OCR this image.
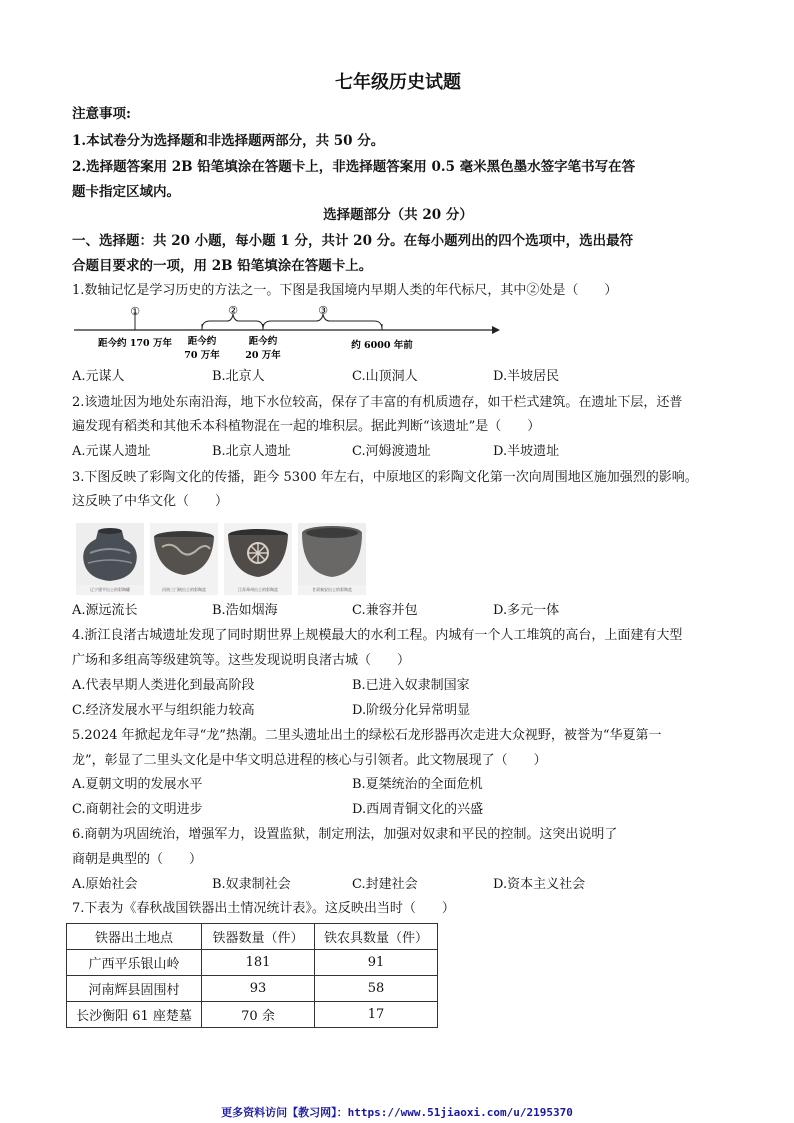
七年级历史试题
注意事项:
1.本试卷分为选择题和非选择题两部分，共 50 分。
2.选择题答案用 2B 铅笔填涂在答题卡上，非选择题答案用 0.5 毫米黑色墨水签字笔书写在答
题卡指定区域内。
选择题部分（共 20 分）
一、选择题：共 20 小题，每小题 1 分，共计 20 分。在每小题列出的四个选项中，选出最符
合题目要求的一项，用 2B 铅笔填涂在答题卡上。
1.数轴记忆是学习历史的方法之一。下图是我国境内早期人类的年代标尺，其中②处是（　　）
①	②	③
距今约 170 万年 距今约
70 万年
距今约
20 万年
约 6000 年前
A.元谋人	B.北京人	C.山顶洞人	D.半坡居民
2.该遗址因为地处东南沿海，地下水位较高，保存了丰富的有机质遗存，如干栏式建筑。在遗址下层，还普
遍发现有稻类和其他禾本科植物混在一起的堆积层。据此判断“该遗址”是（　　）
A.元谋人遗址	B.北京人遗址	C.河姆渡遗址	D.半坡遗址
3.下图反映了彩陶文化的传播，距今 5300 年左右，中原地区的彩陶文化第一次向周围地区施加强烈的影响。
这反映了中华文化（　　）
辽宁建平出土的彩陶罐	河南三门峡出土的彩陶盆	江苏邳州出土的彩陶盆	甘肃秦安出土的彩陶盆
A.源远流长	B.浩如烟海	C.兼容并包	D.多元一体
4.浙江良渚古城遗址发现了同时期世界上规模最大的水利工程。内城有一个人工堆筑的高台，上面建有大型
广场和多组高等级建筑等。这些发现说明良渚古城（　　）
A.代表早期人类进化到最高阶段	B.已进入奴隶制国家
C.经济发展水平与组织能力较高	D.阶级分化异常明显
5.2024 年掀起龙年寻“龙”热潮。二里头遗址出土的绿松石龙形器再次走进大众视野，被誉为“华夏第一
龙”，彰显了二里头文化是中华文明总进程的核心与引领者。此文物展现了（　　）
A.夏朝文明的发展水平	B.夏桀统治的全面危机
C.商朝社会的文明进步	D.西周青铜文化的兴盛
6.商朝为巩固统治，增强军力，设置监狱，制定刑法，加强对奴隶和平民的控制。这突出说明了
商朝是典型的（　　）
A.原始社会	B.奴隶制社会	C.封建社会	D.资本主义社会
7.下表为《春秋战国铁器出土情况统计表》。这反映出当时（　　）
铁器出土地点	铁器数量（件）	铁农具数量（件）
广西平乐银山岭	181	91
河南辉县固围村	93	58
长沙衡阳 61 座楚墓	70 余	17
更多资料访问【教习网】：https://www.51jiaoxi.com/u/2195370
